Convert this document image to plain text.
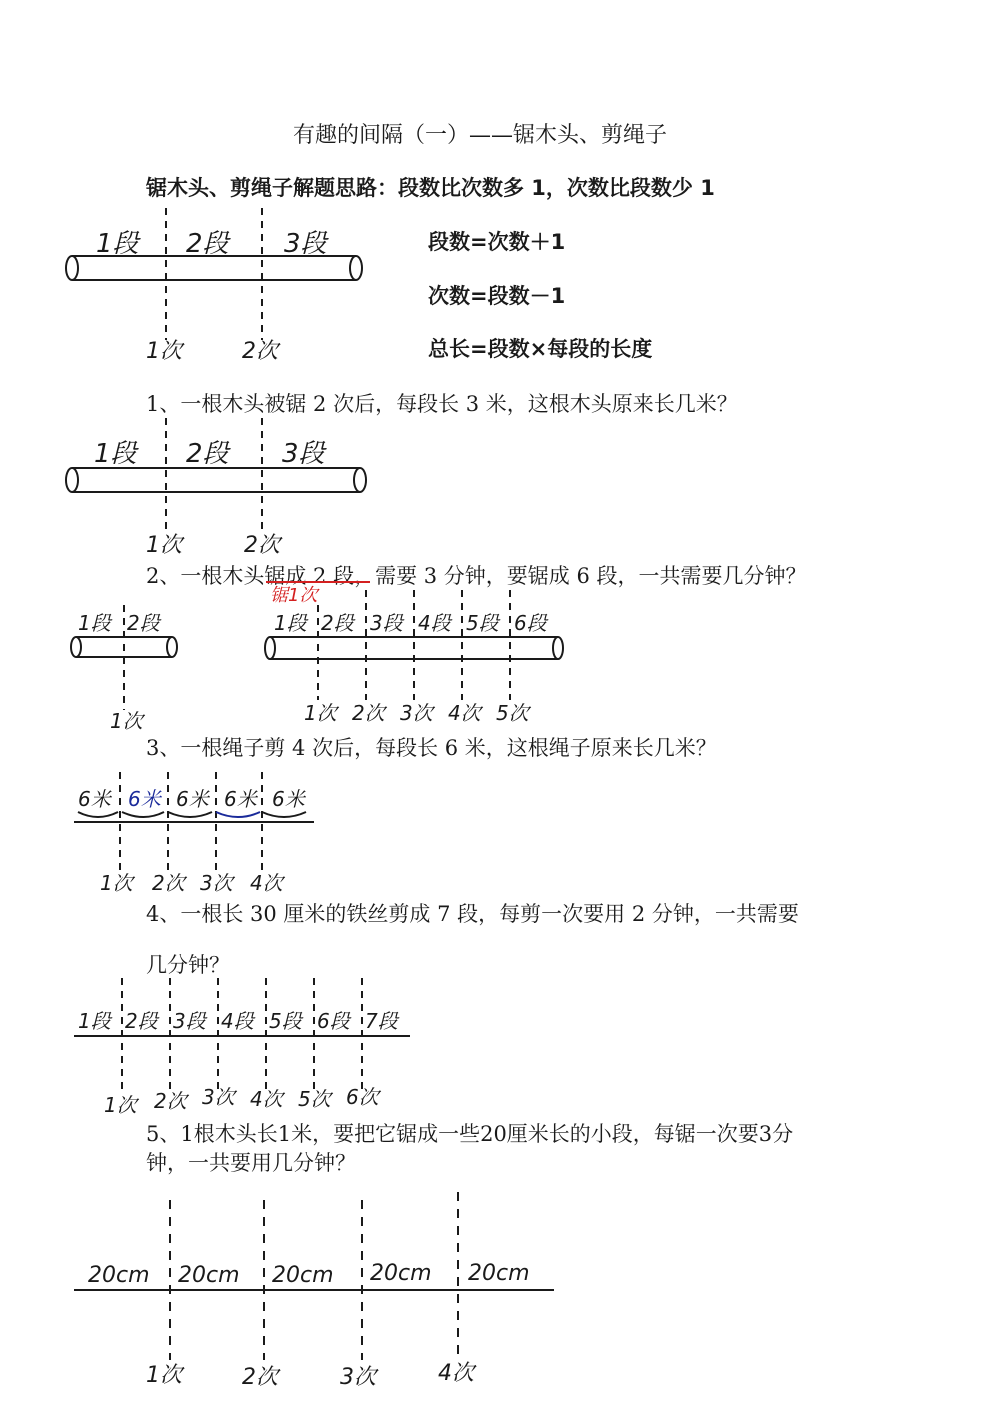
有趣的间隔（一）——锯木头、剪绳子
锯木头、剪绳子解题思路：段数比次数多 1，次数比段数少 1
段数=次数＋1
次数=段数－1
总长=段数×每段的长度
1、一根木头被锯 2 次后，每段长 3 米，这根木头原来长几米？
2、一根木头锯成 2 段，需要 3 分钟，要锯成 6 段，一共需要几分钟？
3、一根绳子剪 4 次后，每段长 6 米，这根绳子原来长几米？
4、一根长 30 厘米的铁丝剪成 7 段，每剪一次要用 2 分钟，一共需要
几分钟？
5、1根木头长1米，要把它锯成一些20厘米长的小段，每锯一次要3分
钟，一共要用几分钟？
1段 2段 3段
1次	2次
1段 2段 3段
1次	2次
1段 2段
1次
锯1次
1段 2段 3段 4段 5段 6段
1次 2次 3次 4次 5次
6米 6米 6米 6米 6米
1次 2次 3次 4次
1段 2段 3段 4段 5段 6段 7段
1次 2次 3次 4次 5次 6次
20cm 20cm 20cm 20cm 20cm
1次	2次	3次	4次
